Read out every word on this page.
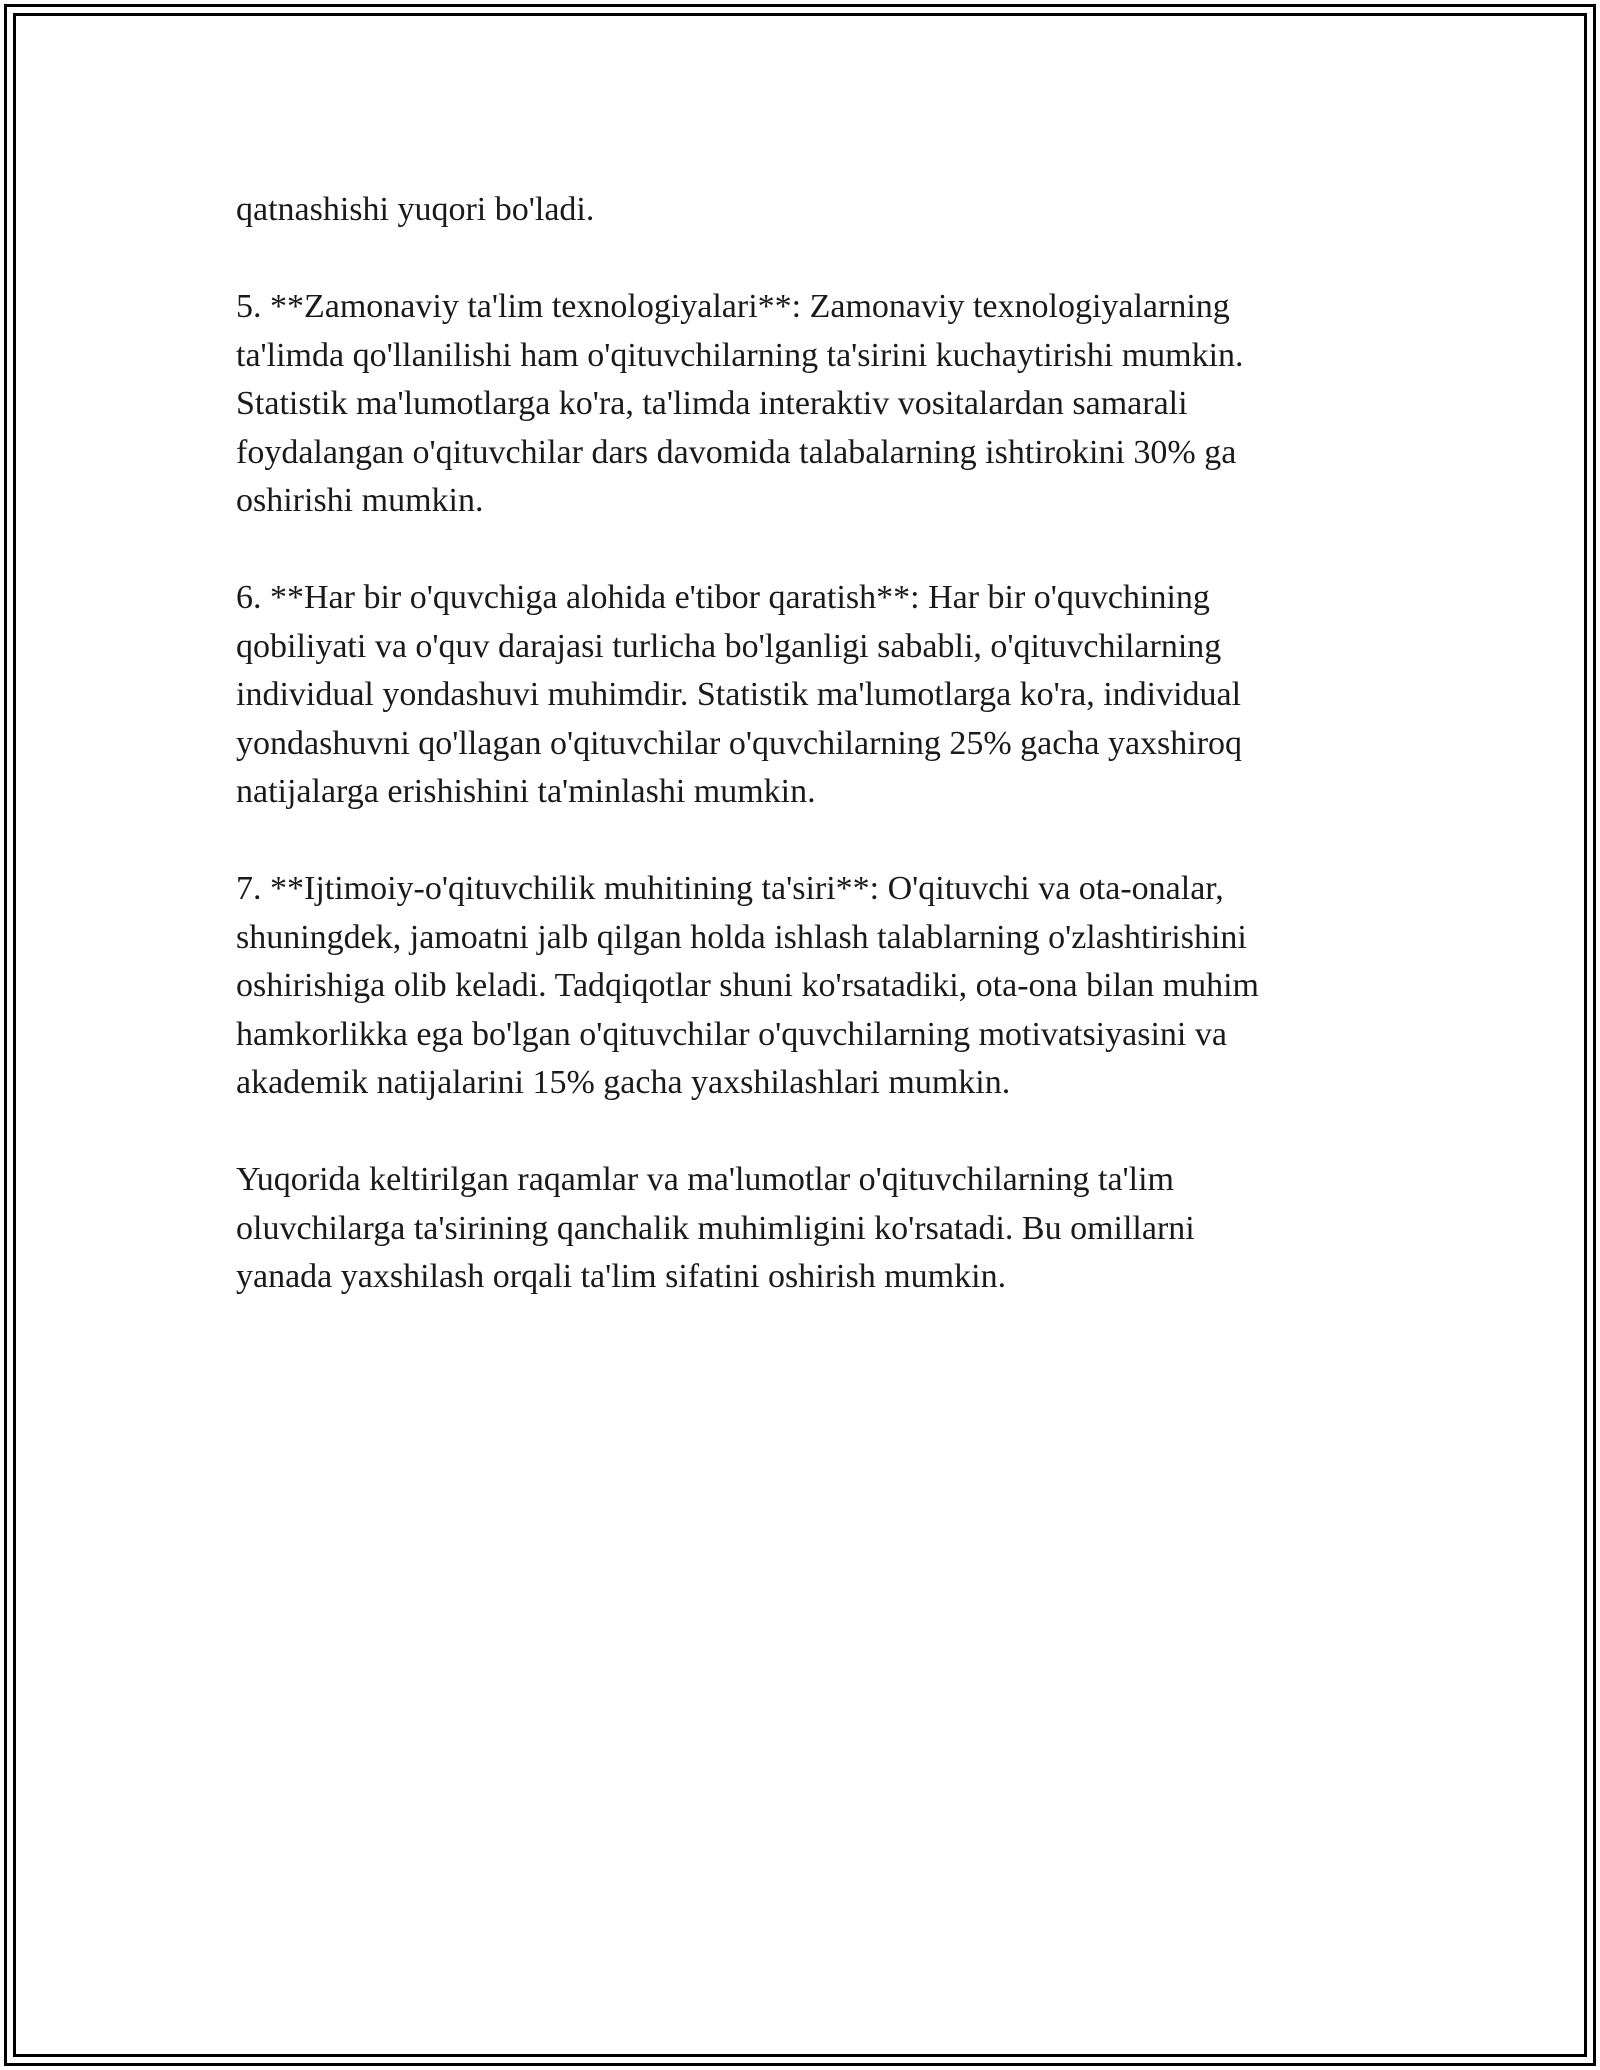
qatnashishi yuqori bo'ladi.

5. **Zamonaviy ta'lim texnologiyalari**: Zamonaviy texnologiyalarning
ta'limda qo'llanilishi ham o'qituvchilarning ta'sirini kuchaytirishi mumkin.
Statistik ma'lumotlarga ko'ra, ta'limda interaktiv vositalardan samarali
foydalangan o'qituvchilar dars davomida talabalarning ishtirokini 30% ga
oshirishi mumkin.

6. **Har bir o'quvchiga alohida e'tibor qaratish**: Har bir o'quvchining
qobiliyati va o'quv darajasi turlicha bo'lganligi sababli, o'qituvchilarning
individual yondashuvi muhimdir. Statistik ma'lumotlarga ko'ra, individual
yondashuvni qo'llagan o'qituvchilar o'quvchilarning 25% gacha yaxshiroq
natijalarga erishishini ta'minlashi mumkin.

7. **Ijtimoiy-o'qituvchilik muhitining ta'siri**: O'qituvchi va ota-onalar,
shuningdek, jamoatni jalb qilgan holda ishlash talablarning o'zlashtirishini
oshirishiga olib keladi. Tadqiqotlar shuni ko'rsatadiki, ota-ona bilan muhim
hamkorlikka ega bo'lgan o'qituvchilar o'quvchilarning motivatsiyasini va
akademik natijalarini 15% gacha yaxshilashlari mumkin.

Yuqorida keltirilgan raqamlar va ma'lumotlar o'qituvchilarning ta'lim
oluvchilarga ta'sirining qanchalik muhimligini ko'rsatadi. Bu omillarni
yanada yaxshilash orqali ta'lim sifatini oshirish mumkin.
